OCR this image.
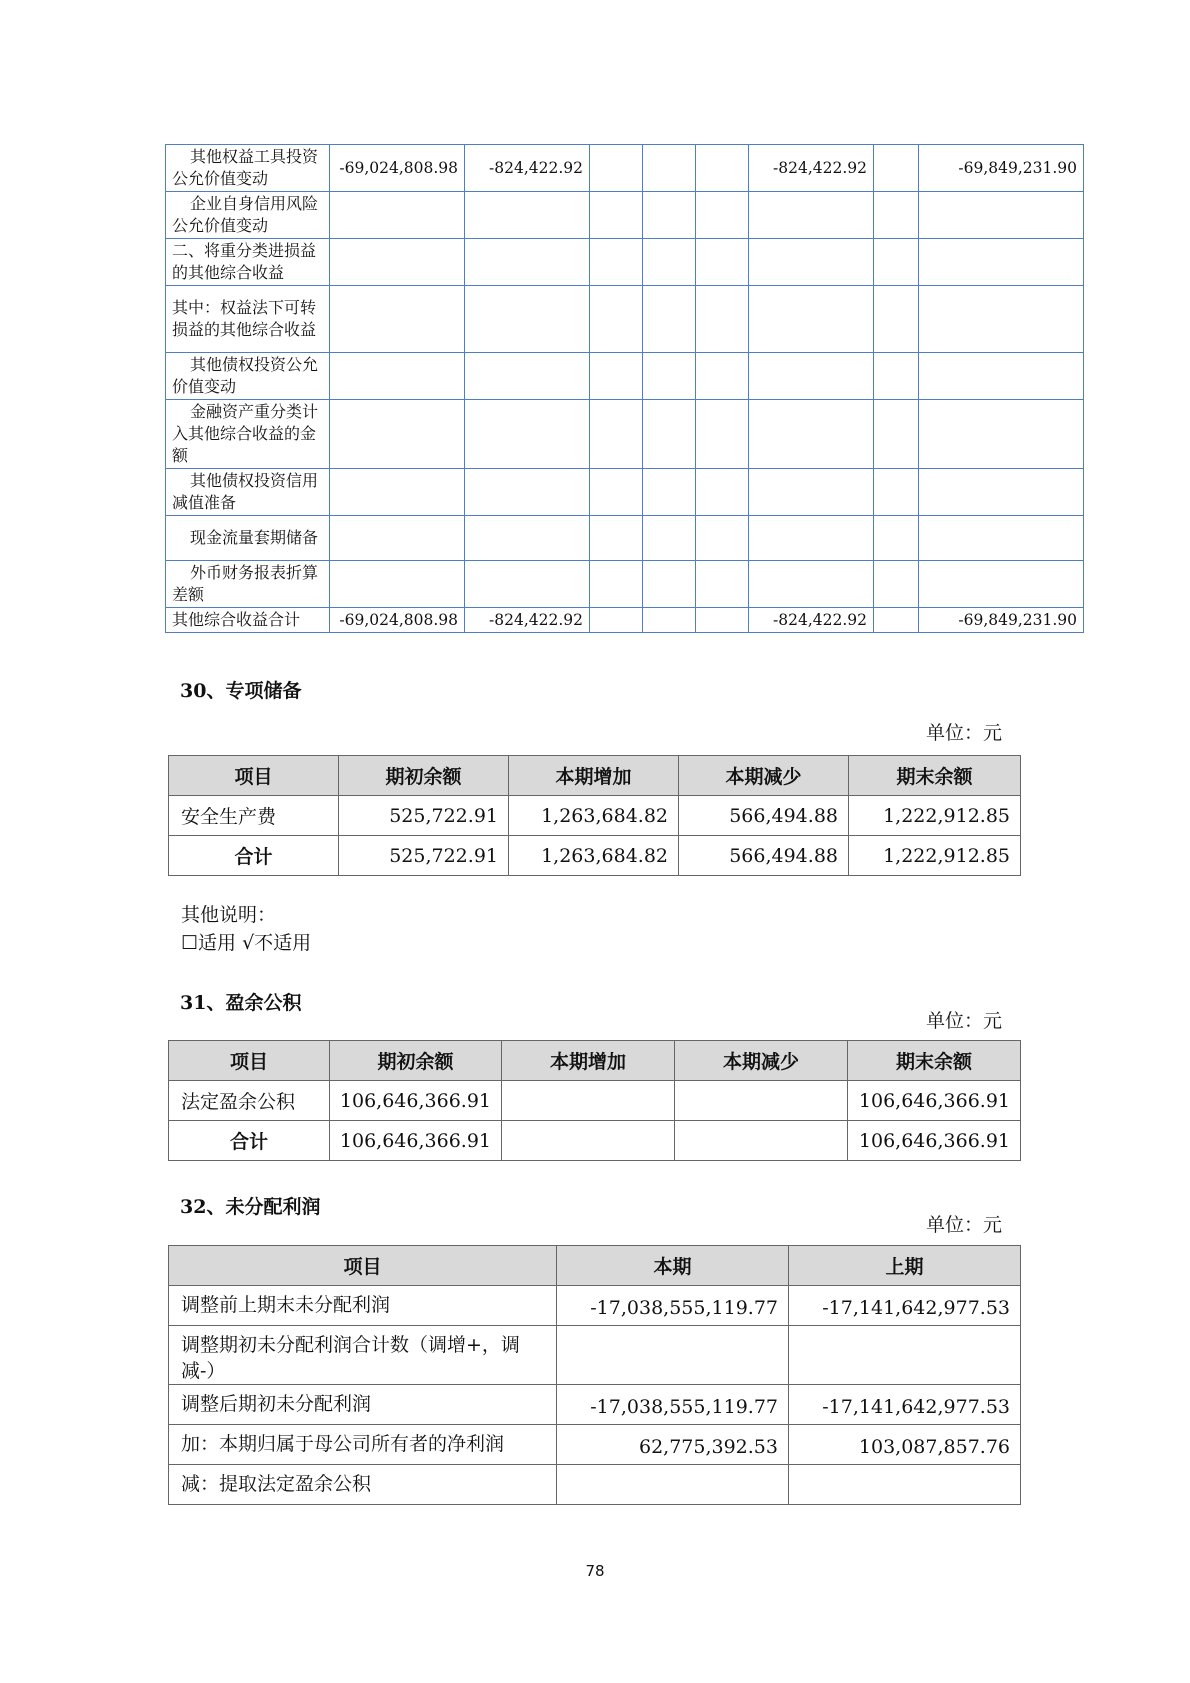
其他权益工具投资公允价值变动	-69,024,808.98	-824,422.92				-824,422.92		-69,849,231.90
企业自身信用风险公允价值变动								
二、将重分类进损益的其他综合收益								
其中：权益法下可转损益的其他综合收益								
其他债权投资公允价值变动								
金融资产重分类计入其他综合收益的金额								
其他债权投资信用减值准备								
现金流量套期储备								
外币财务报表折算差额								
其他综合收益合计	-69,024,808.98	-824,422.92				-824,422.92		-69,849,231.90
30、专项储备
单位：元
项目	期初余额	本期增加	本期减少	期末余额
安全生产费	525,722.91	1,263,684.82	566,494.88	1,222,912.85
合计	525,722.91	1,263,684.82	566,494.88	1,222,912.85
其他说明：
☐适用 √不适用
31、盈余公积
单位：元
项目	期初余额	本期增加	本期减少	期末余额
法定盈余公积	106,646,366.91			106,646,366.91
合计	106,646,366.91			106,646,366.91
32、未分配利润
单位：元
项目	本期	上期
调整前上期末未分配利润	-17,038,555,119.77	-17,141,642,977.53
调整期初未分配利润合计数（调增+，调减-）		
调整后期初未分配利润	-17,038,555,119.77	-17,141,642,977.53
加：本期归属于母公司所有者的净利润	62,775,392.53	103,087,857.76
减：提取法定盈余公积		
78
